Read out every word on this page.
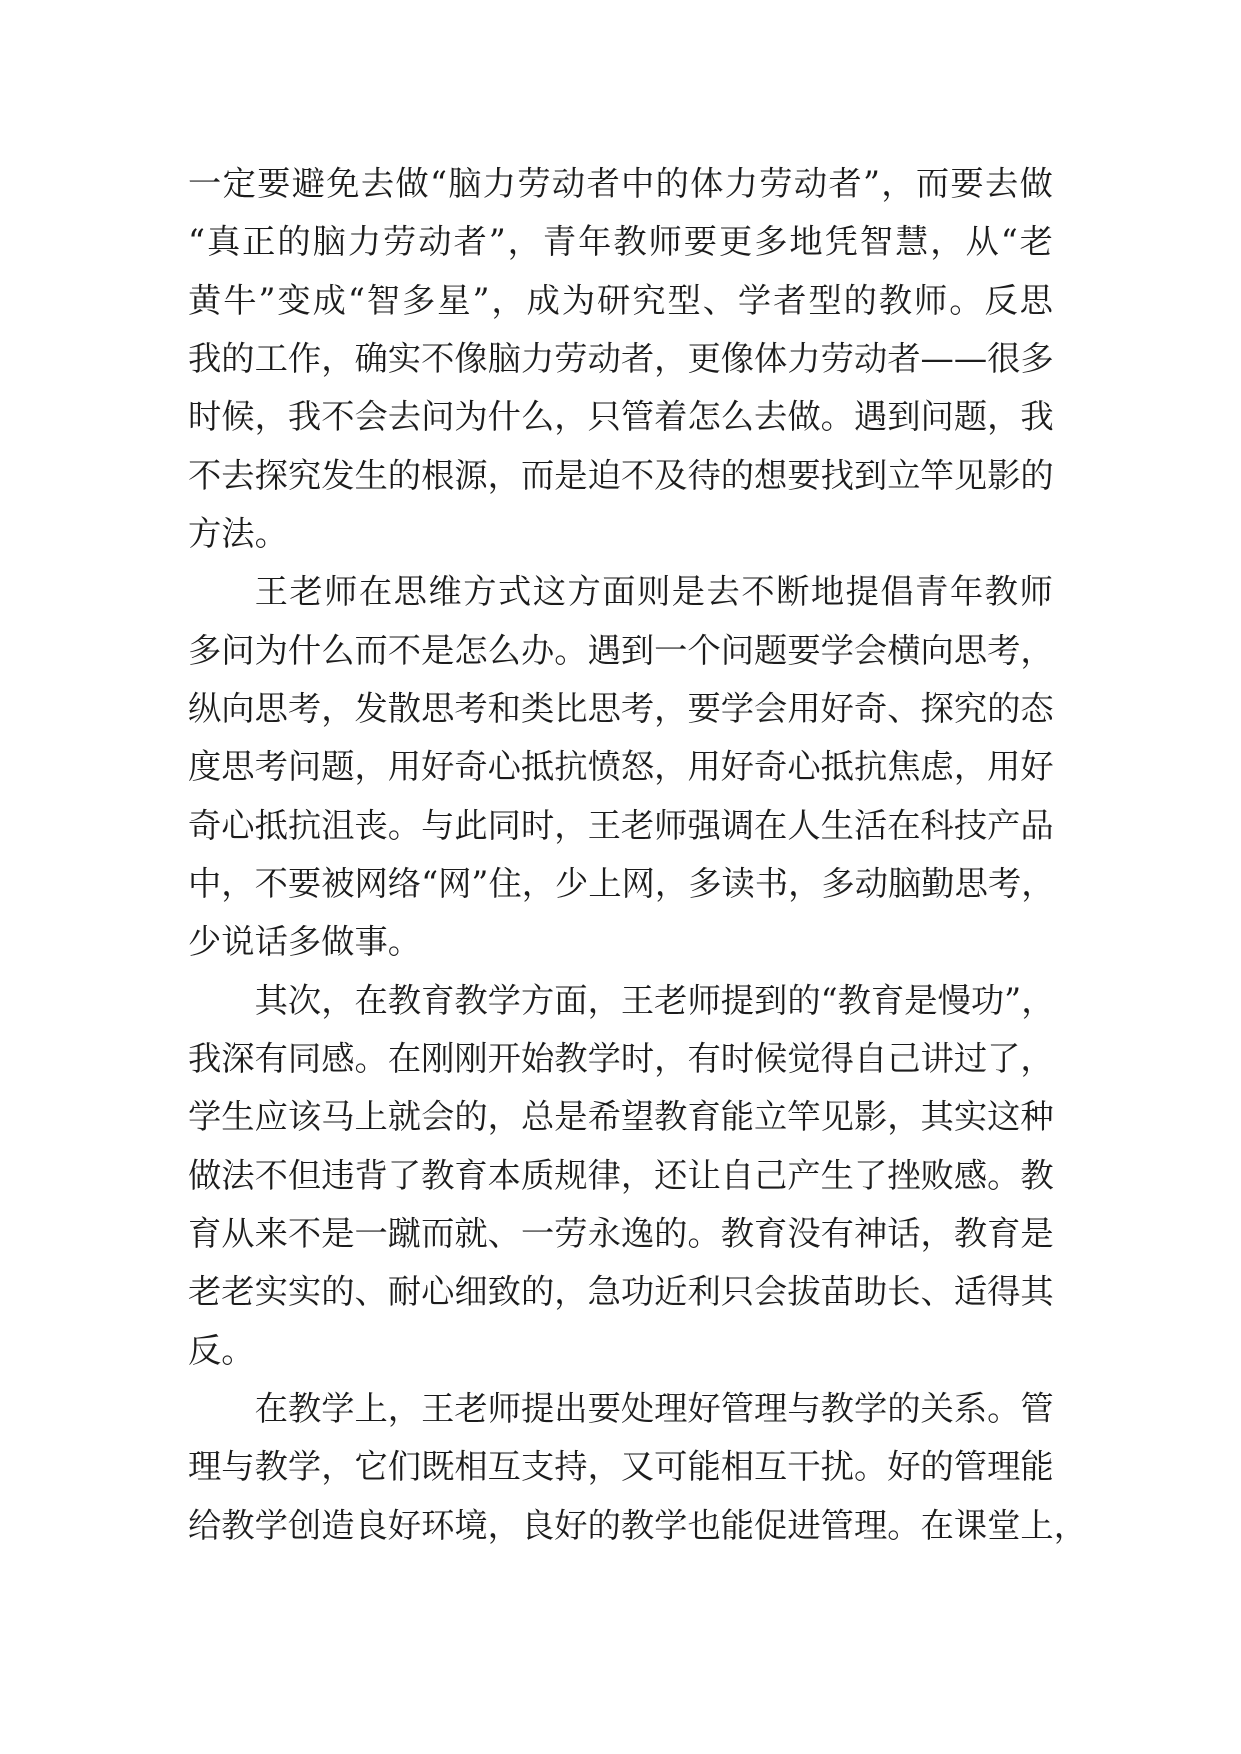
一 定 要 避 免 去 做 “ 脑 力 劳 动 者 中 的 体 力 劳 动 者 ” ， 而 要 去 做
“ 真 正 的 脑 力 劳 动 者 ” ， 青 年 教 师 要 更 多 地 凭 智 慧 ， 从 “ 老
黄 牛 ” 变 成 “ 智 多 星 ” ， 成 为 研 究 型 、 学 者 型 的 教 师 。 反 思
我 的 工 作 ， 确 实 不 像 脑 力 劳 动 者 ， 更 像 体 力 劳 动 者 —— 很 多
时 候 ， 我 不 会 去 问 为 什 么 ， 只 管 着 怎 么 去 做 。 遇 到 问 题 ， 我
不 去 探 究 发 生 的 根 源 ， 而 是 迫 不 及 待 的 想 要 找 到 立 竿 见 影 的
方法。
王 老 师 在 思 维 方 式 这 方 面 则 是 去 不 断 地 提 倡 青 年 教 师
多 问 为 什 么 而 不 是 怎 么 办 。 遇 到 一 个 问 题 要 学 会 横 向 思 考 ，
纵 向 思 考 ， 发 散 思 考 和 类 比 思 考 ， 要 学 会 用 好 奇 、 探 究 的 态
度 思 考 问 题 ， 用 好 奇 心 抵 抗 愤 怒 ， 用 好 奇 心 抵 抗 焦 虑 ， 用 好
奇 心 抵 抗 沮 丧 。 与 此 同 时 ， 王 老 师 强 调 在 人 生 活 在 科 技 产 品
中 ， 不 要 被 网 络 “ 网 ” 住 ， 少 上 网 ， 多 读 书 ， 多 动 脑 勤 思 考 ，
少说话多做事。
其 次 ， 在 教 育 教 学 方 面 ， 王 老 师 提 到 的 “ 教 育 是 慢 功 ” ，
我 深 有 同 感 。 在 刚 刚 开 始 教 学 时 ， 有 时 候 觉 得 自 己 讲 过 了 ，
学 生 应 该 马 上 就 会 的 ， 总 是 希 望 教 育 能 立 竿 见 影 ， 其 实 这 种
做 法 不 但 违 背 了 教 育 本 质 规 律 ， 还 让 自 己 产 生 了 挫 败 感 。 教
育 从 来 不 是 一 蹴 而 就 、 一 劳 永 逸 的 。 教 育 没 有 神 话 ， 教 育 是
老 老 实 实 的 、 耐 心 细 致 的 ， 急 功 近 利 只 会 拔 苗 助 长 、 适 得 其
反。
在 教 学 上 ， 王 老 师 提 出 要 处 理 好 管 理 与 教 学 的 关 系 。 管
理 与 教 学 ， 它 们 既 相 互 支 持 ， 又 可 能 相 互 干 扰 。 好 的 管 理 能
给 教 学 创 造 良 好 环 境 ， 良 好 的 教 学 也 能 促 进 管 理 。 在 课 堂 上 ，
